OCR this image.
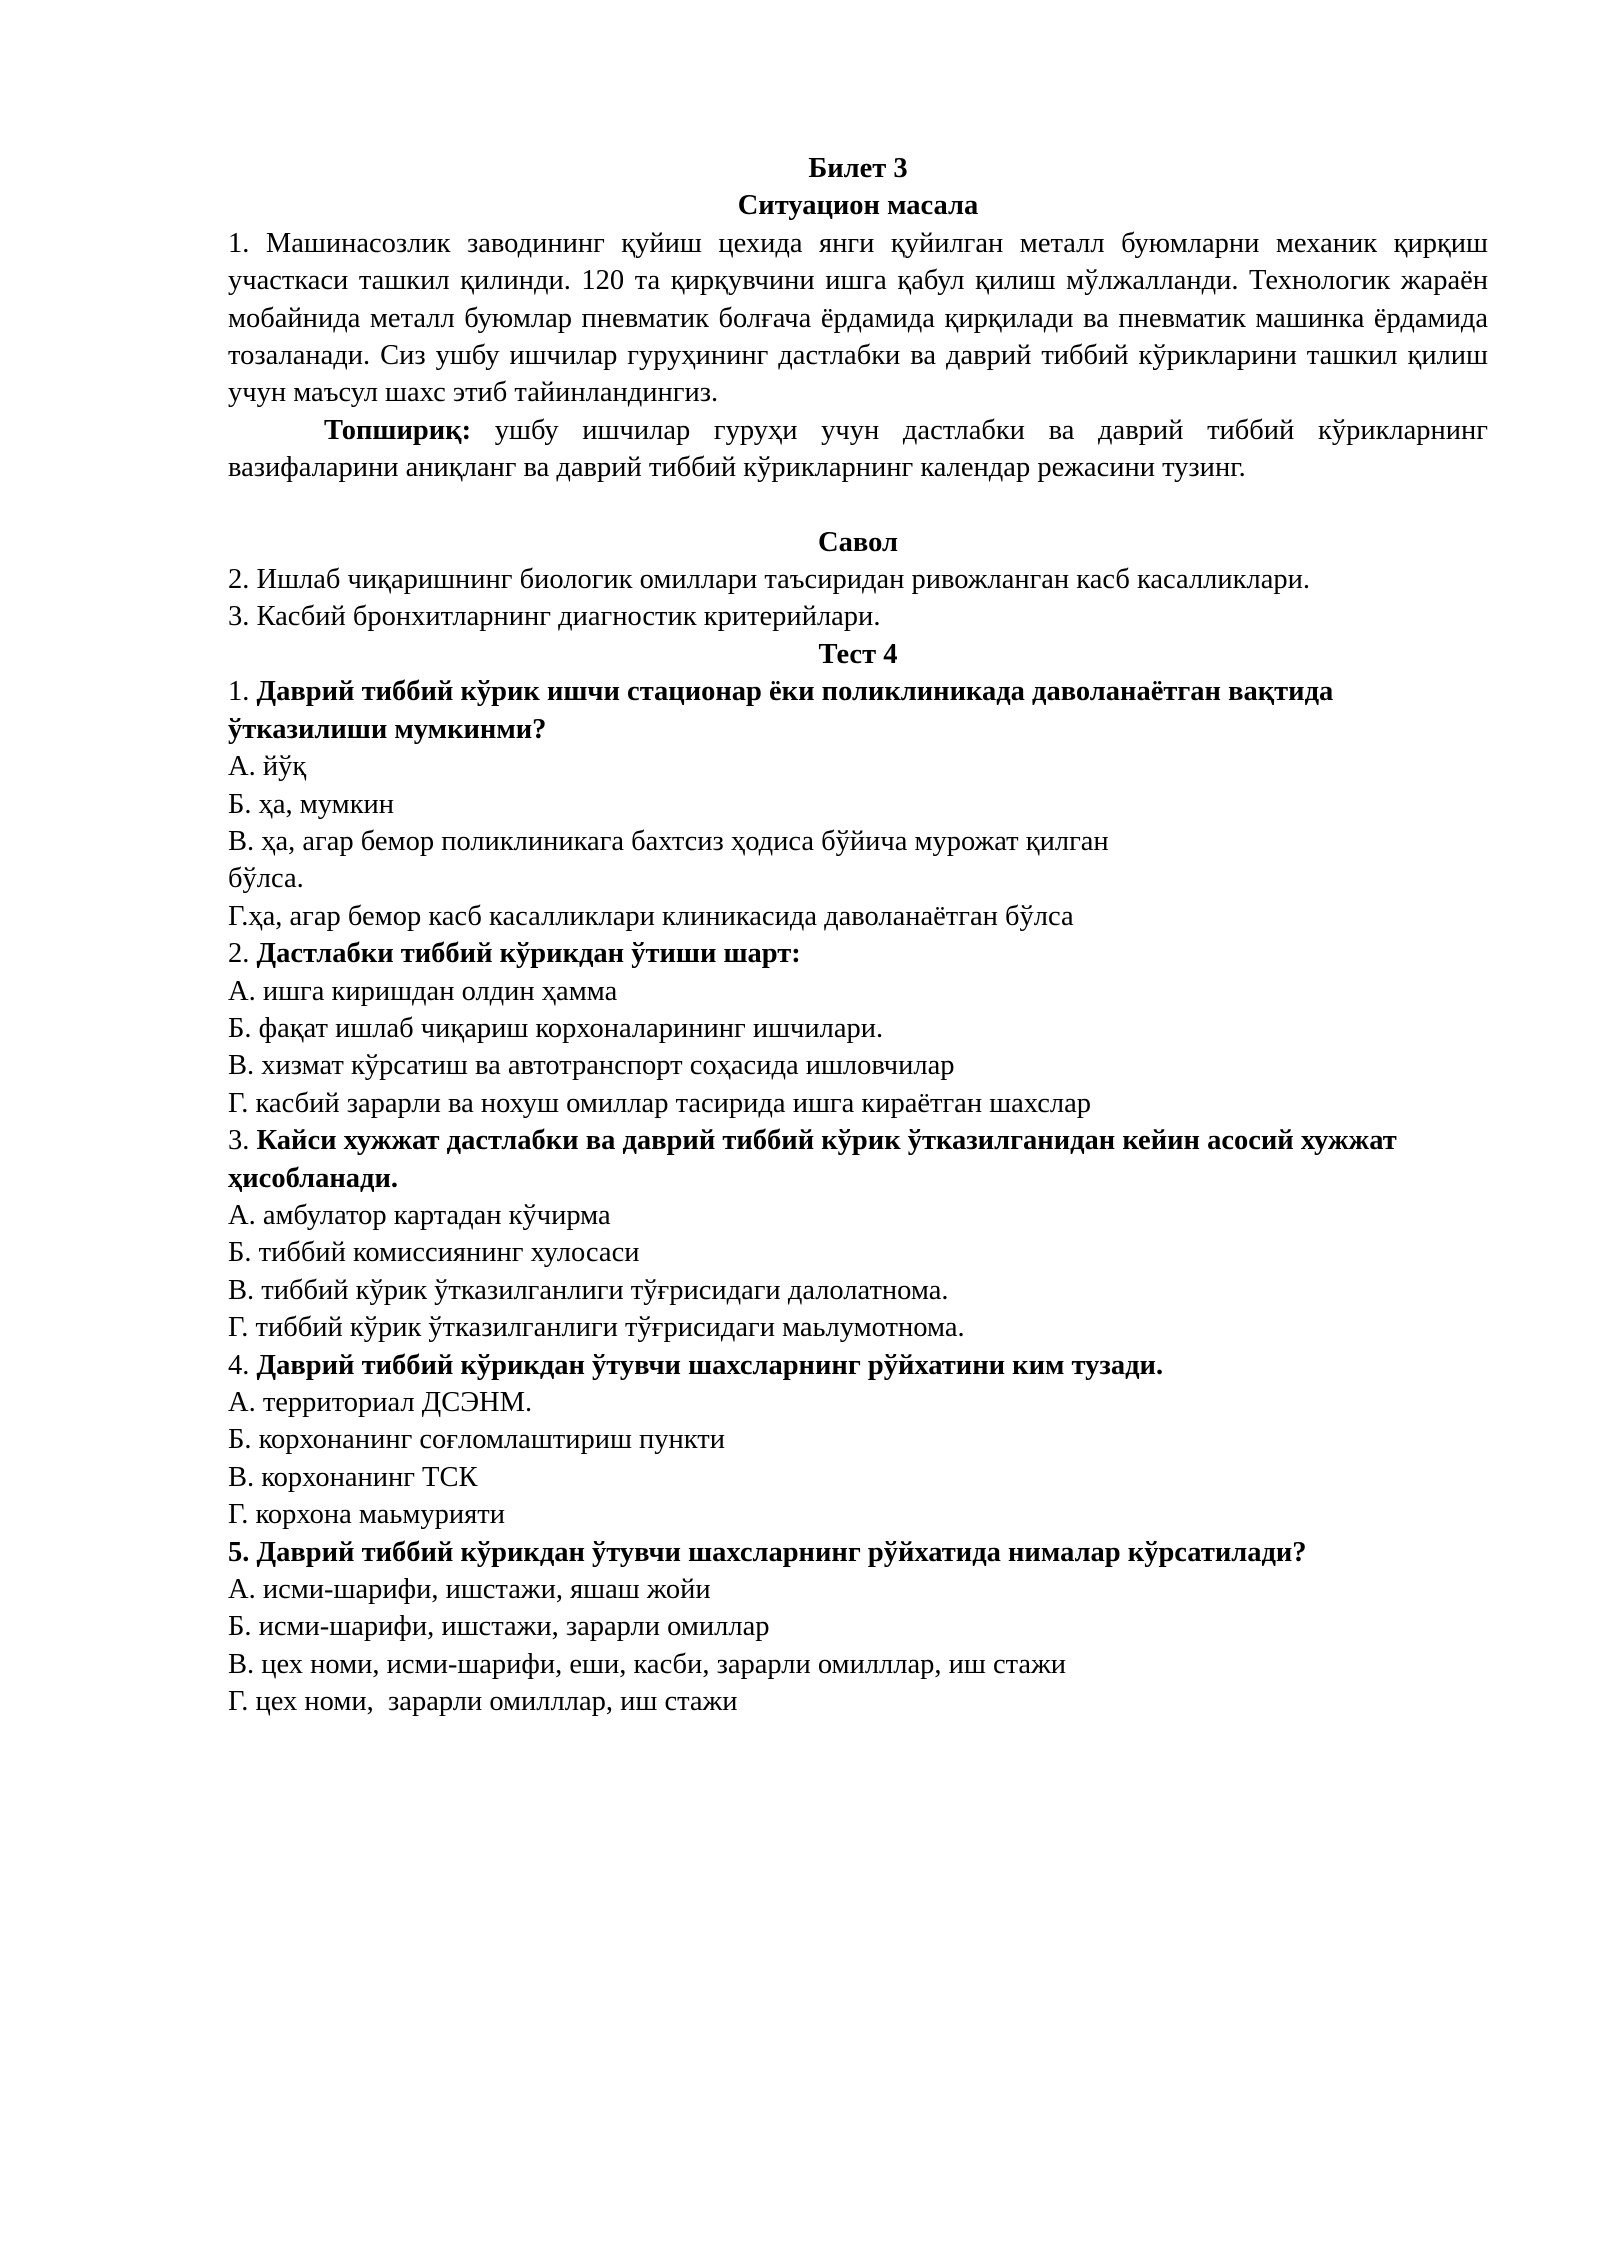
Билет 3
Ситуацион масала
1. Машинасозлик заводининг қуйиш цехида янги қуйилган металл буюмларни механик қирқиш участкаси ташкил қилинди. 120 та қирқувчини ишга қабул қилиш мўлжалланди. Технологик жараён мобайнида металл буюмлар пневматик болғача ёрдамида қирқилади ва пневматик машинка ёрдамида тозаланади. Сиз ушбу ишчилар гуруҳининг дастлабки ва даврий тиббий кўрикларини ташкил қилиш учун маъсул шахс этиб тайинландингиз.
Топшириқ: ушбу ишчилар гуруҳи учун дастлабки ва даврий тиббий кўрикларнинг вазифаларини аниқланг ва даврий тиббий кўрикларнинг календар режасини тузинг.
Савол
2. Ишлаб чиқаришнинг биологик омиллари таъсиридан ривожланган касб касалликлари.
3. Касбий бронхитларнинг диагностик критерийлари.
Тест 4
1. Даврий тиббий кўрик ишчи стационар ёки поликлиникада даволанаётган вақтида ўтказилиши мумкинми?
А. йўқ
Б. ҳа, мумкин
В. ҳа, агар бемор поликлиникага бахтсиз ҳодиса бўйича мурожат қилган
бўлса.
Г.ҳа, агар бемор касб касалликлари клиникасида даволанаётган бўлса
2. Дастлабки тиббий кўрикдан ўтиши шарт:
А. ишга киришдан олдин ҳамма
Б. фақат ишлаб чиқариш корхоналарининг ишчилари.
В. хизмат кўрсатиш ва автотранспорт соҳасида ишловчилар
Г. касбий зарарли ва нохуш омиллар тасирида ишга кираётган шахслар
3. Кайси хужжат дастлабки ва даврий тиббий кўрик ўтказилганидан кейин асосий хужжат ҳисобланади.
А. амбулатор картадан кўчирма
Б. тиббий комиссиянинг хулосаси
В. тиббий кўрик ўтказилганлиги тўғрисидаги далолатнома.
Г. тиббий кўрик ўтказилганлиги тўғрисидаги маьлумотнома.
4. Даврий тиббий кўрикдан ўтувчи шахсларнинг рўйхатини ким тузади.
А. территориал ДСЭНМ.
Б. корхонанинг соғломлаштириш пункти
В. корхонанинг ТСК
Г. корхона маьмурияти
5. Даврий тиббий кўрикдан ўтувчи шахсларнинг рўйхатида нималар кўрсатилади?
А. исми-шарифи, ишстажи, яшаш жойи
Б. исми-шарифи, ишстажи, зарарли омиллар
В. цех номи, исми-шарифи, еши, касби, зарарли омилллар, иш стажи
Г. цех номи,  зарарли омилллар, иш стажи
